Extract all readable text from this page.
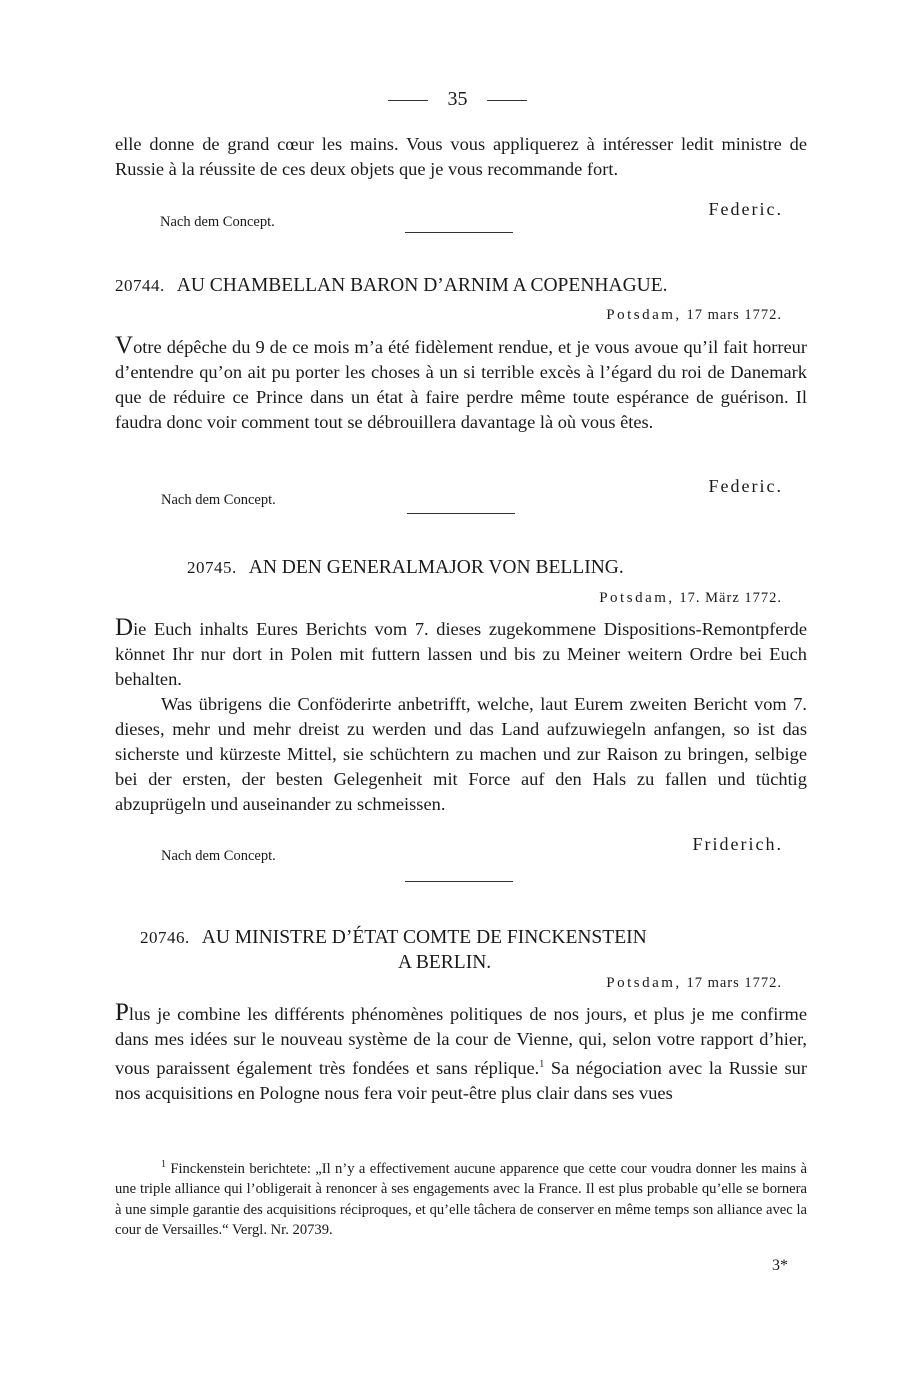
35
elle donne de grand cœur les mains. Vous vous appliquerez à intéresser ledit ministre de Russie à la réussite de ces deux objets que je vous recommande fort.
Nach dem Concept.
Federic.
20744. AU CHAMBELLAN BARON D’ARNIM A COPENHAGUE.
Potsdam, 17 mars 1772.
Votre dépêche du 9 de ce mois m’a été fidèlement rendue, et je vous avoue qu’il fait horreur d’entendre qu’on ait pu porter les choses à un si terrible excès à l’égard du roi de Danemark que de réduire ce Prince dans un état à faire perdre même toute espérance de guérison. Il faudra donc voir comment tout se débrouillera davantage là où vous êtes.
Nach dem Concept.
Federic.
20745. AN DEN GENERALMAJOR VON BELLING.
Potsdam, 17. März 1772.
Die Euch inhalts Eures Berichts vom 7. dieses zugekommene Dispositions-Remontpferde könnet Ihr nur dort in Polen mit futtern lassen und bis zu Meiner weitern Ordre bei Euch behalten.
Was übrigens die Conföderirte anbetrifft, welche, laut Eurem zweiten Bericht vom 7. dieses, mehr und mehr dreist zu werden und das Land aufzuwiegeln anfangen, so ist das sicherste und kürzeste Mittel, sie schüchtern zu machen und zur Raison zu bringen, selbige bei der ersten, der besten Gelegenheit mit Force auf den Hals zu fallen und tüchtig abzuprügeln und auseinander zu schmeissen.
Nach dem Concept.
Friderich.
20746. AU MINISTRE D’ÉTAT COMTE DE FINCKENSTEIN
A BERLIN.
Potsdam, 17 mars 1772.
Plus je combine les différents phénomènes politiques de nos jours, et plus je me confirme dans mes idées sur le nouveau système de la cour de Vienne, qui, selon votre rapport d’hier, vous paraissent également très fondées et sans réplique.$^1$ Sa négociation avec la Russie sur nos acquisitions en Pologne nous fera voir peut-être plus clair dans ses vues
$^1$ Finckenstein berichtete: „Il n’y a effectivement aucune apparence que cette cour voudra donner les mains à une triple alliance qui l’obligerait à renoncer à ses engagements avec la France. Il est plus probable qu’elle se bornera à une simple garantie des acquisitions réciproques, et qu’elle tâchera de conserver en même temps son alliance avec la cour de Versailles.“ Vergl. Nr. 20739.
3*
